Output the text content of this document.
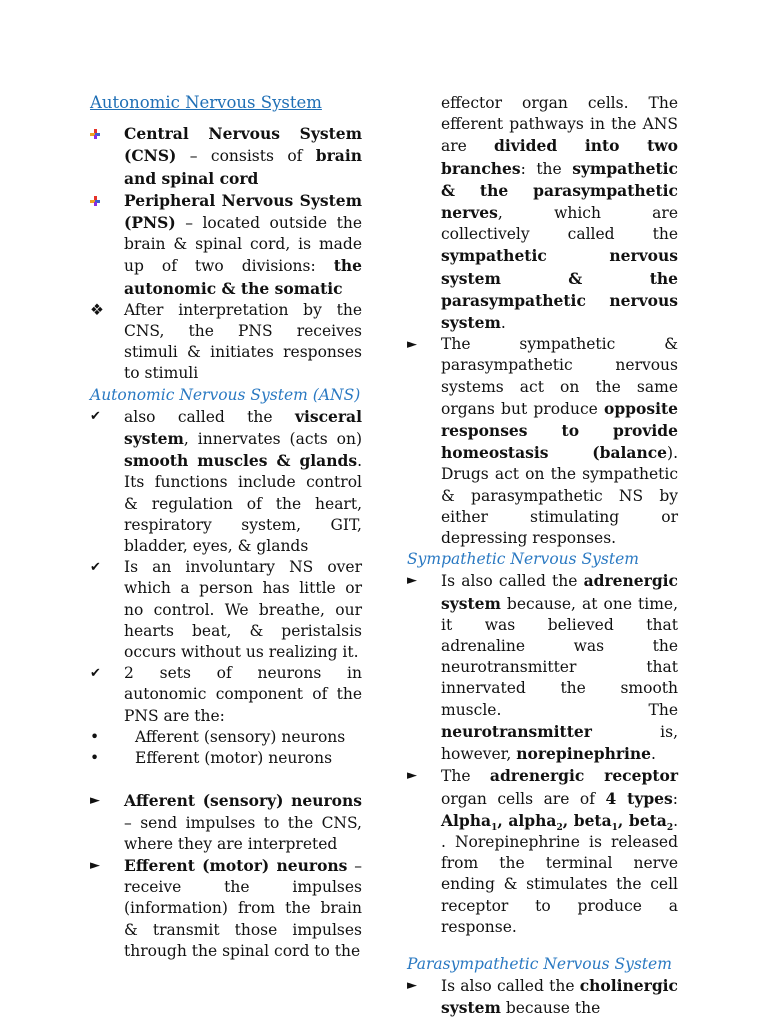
Autonomic Nervous System
Central Nervous System (CNS) – consists of brain and spinal cord
Peripheral Nervous System (PNS) – located outside the brain & spinal cord, is made up of two divisions: the autonomic & the somatic
❖	After interpretation by the CNS, the PNS receives stimuli & initiates responses to stimuli
Autonomic Nervous System (ANS)
✔	also called the visceral system, innervates (acts on) smooth muscles & glands. Its functions include control & regulation of the heart, respiratory system, GIT, bladder, eyes, & glands
✔	Is an involuntary NS over which a person has little or no control. We breathe, our hearts beat, & peristalsis occurs without us realizing it.
✔	2 sets of neurons in autonomic component of the PNS are the:
•	Afferent (sensory) neurons
•	Efferent (motor) neurons
►	Afferent (sensory) neurons – send impulses to the CNS, where they are interpreted
►	Efferent (motor) neurons – receive the impulses (information) from the brain & transmit those impulses through the spinal cord to the
effector organ cells. The efferent pathways in the ANS are divided into two branches: the sympathetic & the parasympathetic nerves, which are collectively called the sympathetic nervous system & the parasympathetic nervous system.
►	The sympathetic & parasympathetic nervous systems act on the same organs but produce opposite responses to provide homeostasis (balance). Drugs act on the sympathetic & parasympathetic NS by either stimulating or depressing responses.
Sympathetic Nervous System
►	Is also called the adrenergic system because, at one time, it was believed that adrenaline was the neurotransmitter that innervated the smooth muscle. The neurotransmitter is, however, norepinephrine.
►	The adrenergic receptor organ cells are of 4 types: Alpha$_1$, alpha$_2$, beta$_1$, beta$_2$. . Norepinephrine is released from the terminal nerve ending & stimulates the cell receptor to produce a response.
Parasympathetic Nervous System
►	Is also called the cholinergic system because the
